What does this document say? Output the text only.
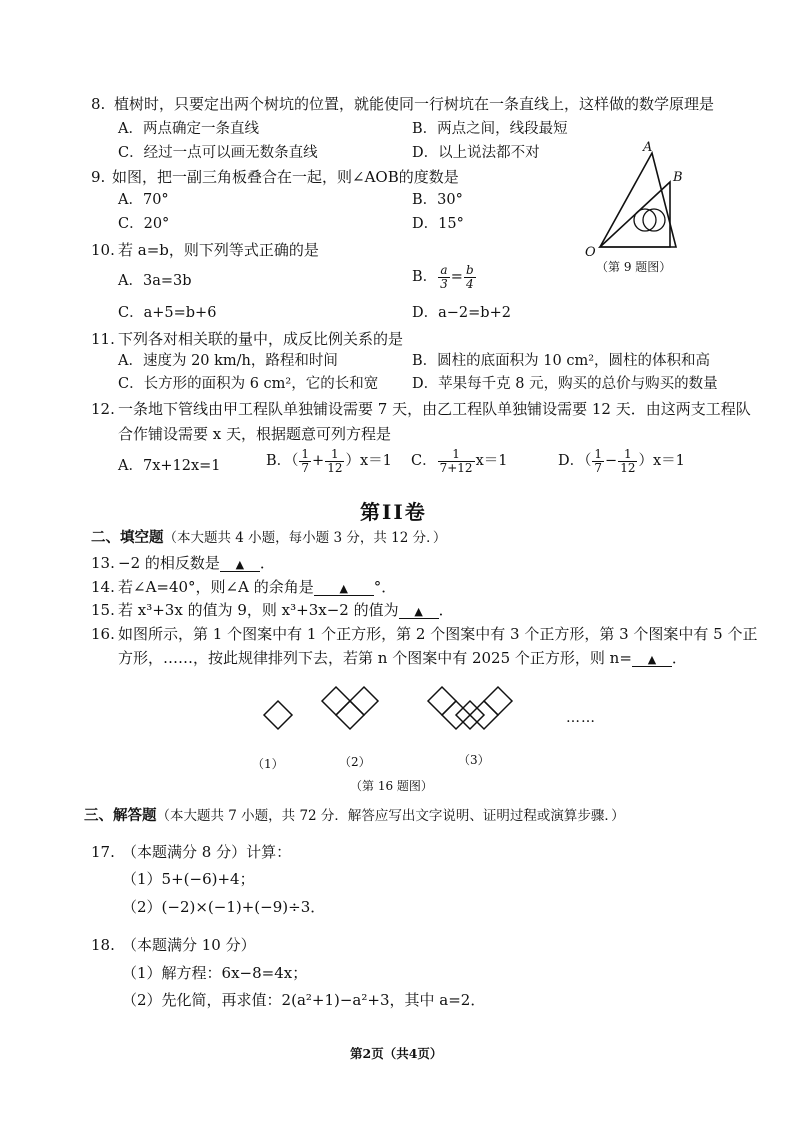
8. 植树时，只要定出两个树坑的位置，就能使同一行树坑在一条直线上，这样做的数学原理是
A．两点确定一条直线	B．两点之间，线段最短
C．经过一点可以画无数条直线	D．以上说法都不对
9. 如图，把一副三角板叠合在一起，则∠AOB的度数是
A．70°	B．30°
C．20°	D．15°
A
B
O
（第 9 题图）
10. 若 a=b，则下列等式正确的是
A．3a=3b	B． $\frac{a}{3} = \frac{b}{4}$
C．a+5=b+6	D．a−2=b+2
11. 下列各对相关联的量中，成反比例关系的是
A．速度为 20 km/h，路程和时间	B．圆柱的底面积为 10 cm²，圆柱的体积和高
C．长方形的面积为 6 cm²，它的长和宽 D．苹果每千克 8 元，购买的总价与购买的数量
12. 一条地下管线由甲工程队单独铺设需要 7 天，由乙工程队单独铺设需要 12 天．由这两支工程队
合作铺设需要 x 天，根据题意可列方程是
A．7x+12x=1	B．（ $\frac{1}{7} + \frac{1}{12} )x=1$ C． $\frac{1}{7+12} x=1$	D．（ $\frac{1}{7} - \frac{1}{12} )x=1$
第II卷
二、填空题（本大题共 4 小题，每小题 3 分，共 12 分．）
13. −2 的相反数是 ▲ ．
14. 若∠A=40°，则∠A 的余角是 ▲ °．
15. 若 x³+3x 的值为 9，则 x³+3x−2 的值为 ▲ ．
16. 如图所示，第 1 个图案中有 1 个正方形，第 2 个图案中有 3 个正方形，第 3 个图案中有 5 个正
方形，……，按此规律排列下去，若第 n 个图案中有 2025 个正方形，则 n= ▲ ．
……
（1）	（2）	（3）
（第 16 题图）
三、解答题（本大题共 7 小题，共 72 分．解答应写出文字说明、证明过程或演算步骤．）
17. （本题满分 8 分）计算：
（1）5+(−6)+4；
（2）(−2)×(−1)+(−9)÷3．
18. （本题满分 10 分）
（1）解方程：6x−8=4x；
（2）先化简，再求值：2(a²+1)−a²+3，其中 a=2．
第2页（共4页）
